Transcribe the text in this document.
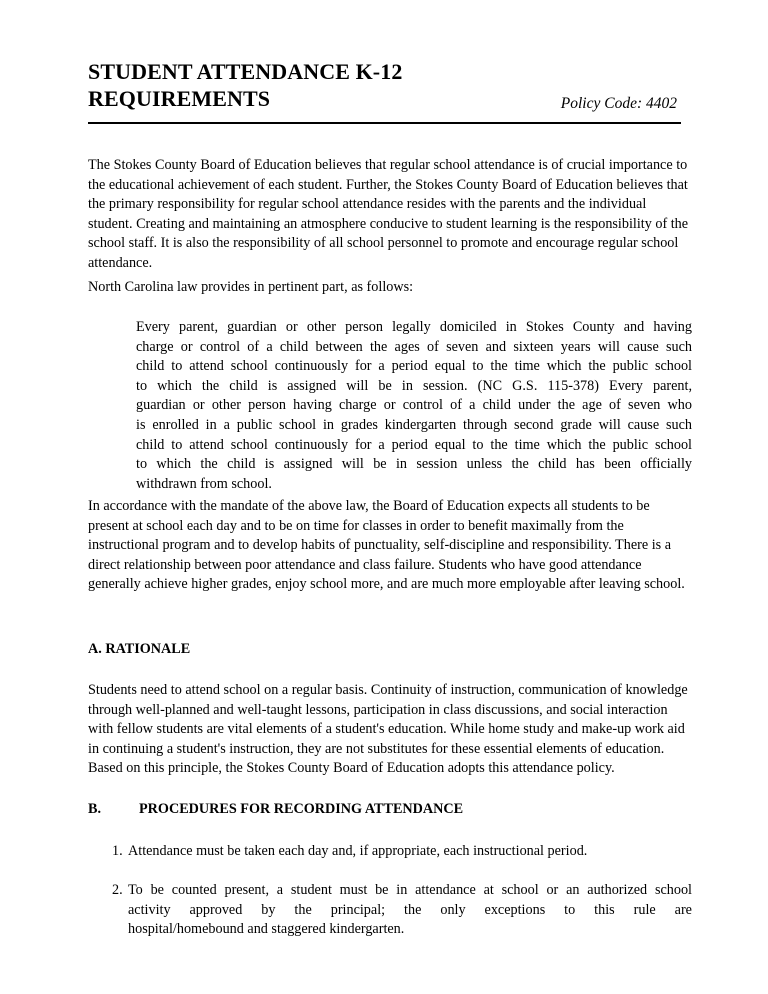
STUDENT ATTENDANCE K-12
REQUIREMENTS	Policy Code: 4402
The Stokes County Board of Education believes that regular school attendance is of crucial importance to the educational achievement of each student. Further, the Stokes County Board of Education believes that the primary responsibility for regular school attendance resides with the parents and the individual student. Creating and maintaining an atmosphere conducive to student learning is the responsibility of the school staff. It is also the responsibility of all school personnel to promote and encourage regular school attendance.
North Carolina law provides in pertinent part, as follows:
Every parent, guardian or other person legally domiciled in Stokes County and having
charge or control of a child between the ages of seven and sixteen years will cause such
child to attend school continuously for a period equal to the time which the public school
to which the child is assigned will be in session. (NC G.S. 115-378) Every parent,
guardian or other person having charge or control of a child under the age of seven who
is enrolled in a public school in grades kindergarten through second grade will cause such
child to attend school continuously for a period equal to the time which the public school
to which the child is assigned will be in session unless the child has been officially
withdrawn from school.
In accordance with the mandate of the above law, the Board of Education expects all students to be present at school each day and to be on time for classes in order to benefit maximally from the instructional program and to develop habits of punctuality, self-discipline and responsibility. There is a direct relationship between poor attendance and class failure. Students who have good attendance generally achieve higher grades, enjoy school more, and are much more employable after leaving school.
A. RATIONALE
Students need to attend school on a regular basis. Continuity of instruction, communication of knowledge through well-planned and well-taught lessons, participation in class discussions, and social interaction with fellow students are vital elements of a student's education. While home study and make-up work aid in continuing a student's instruction, they are not substitutes for these essential elements of education. Based on this principle, the Stokes County Board of Education adopts this attendance policy.
B.	PROCEDURES FOR RECORDING ATTENDANCE
1. Attendance must be taken each day and, if appropriate, each instructional period.
2. To be counted present, a student must be in attendance at school or an authorized school
activity approved by the principal; the only exceptions to this rule are
hospital/homebound and staggered kindergarten.
